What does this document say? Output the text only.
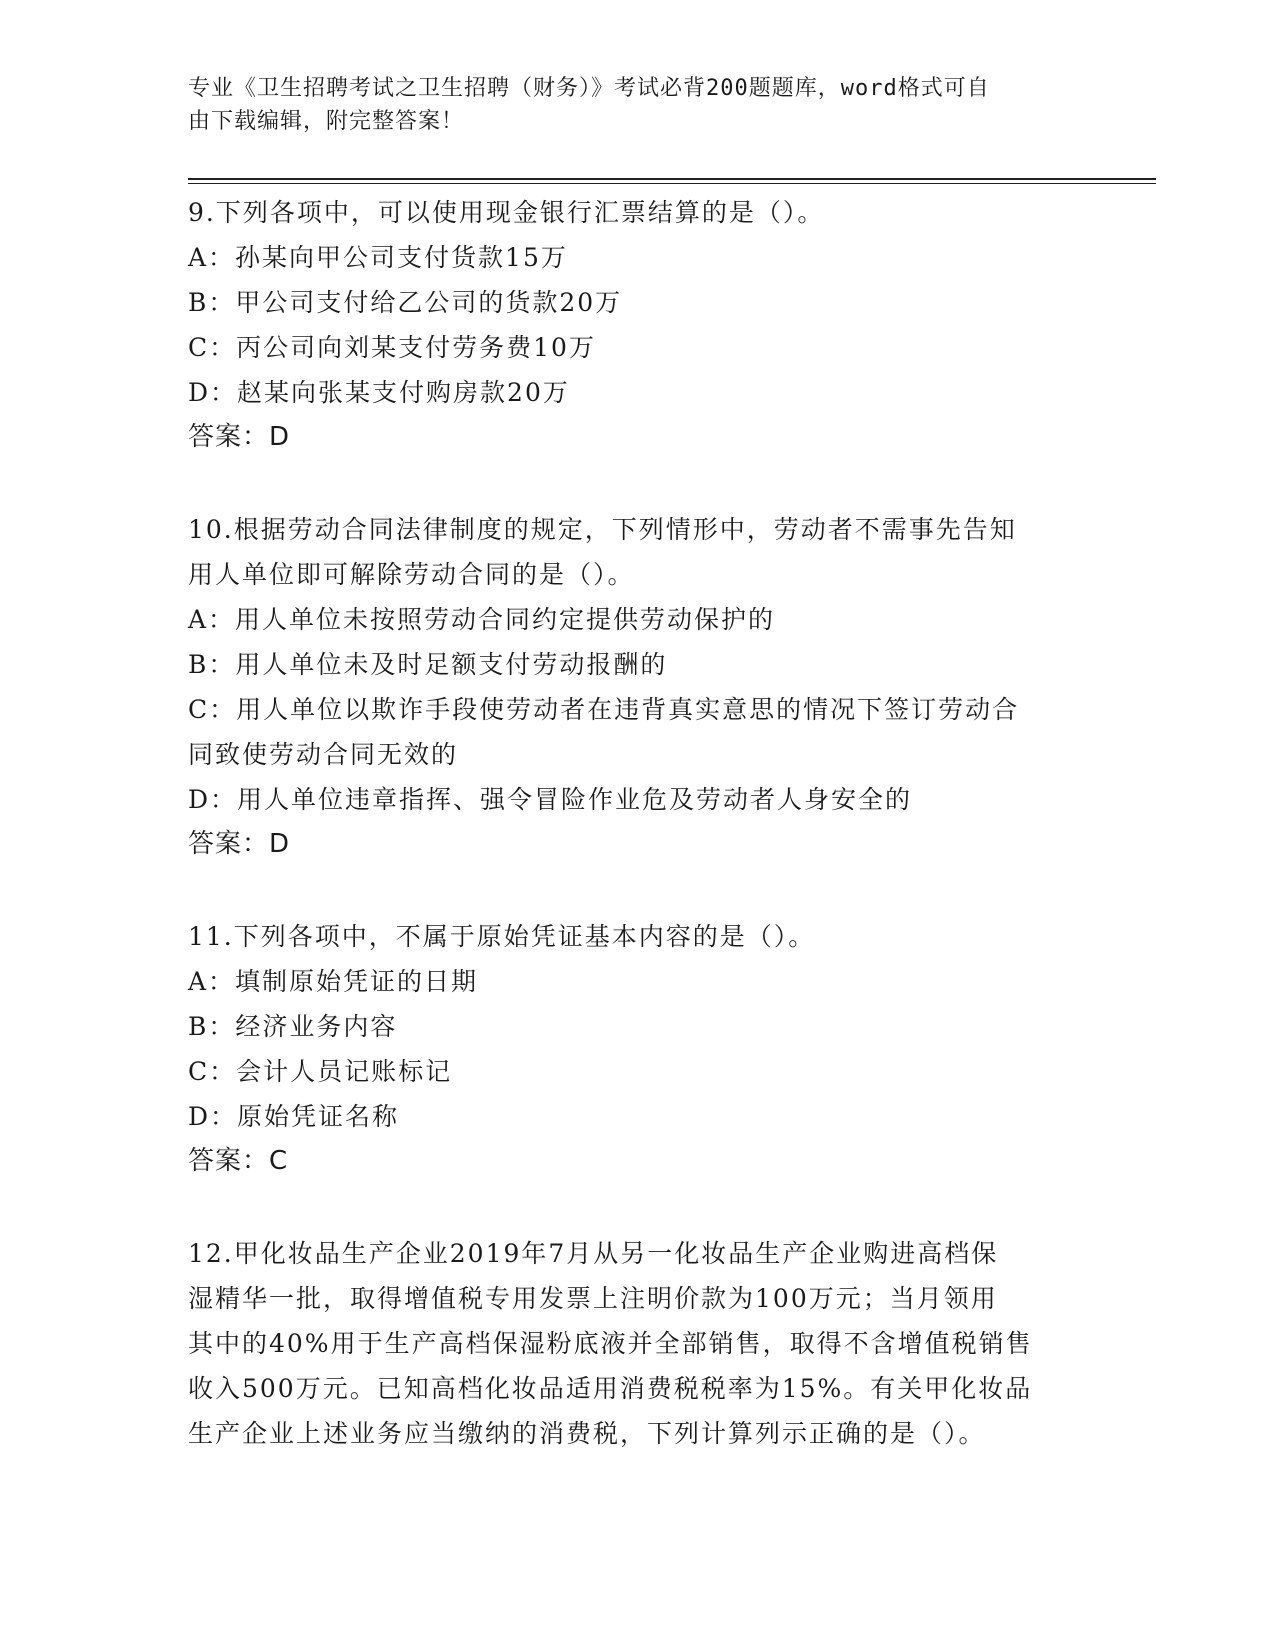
专业《卫生招聘考试之卫生招聘（财务）》考试必背200题题库，word格式可自
由下载编辑，附完整答案！
9.下列各项中，可以使用现金银行汇票结算的是（）。
A：孙某向甲公司支付货款15万
B：甲公司支付给乙公司的货款20万
C：丙公司向刘某支付劳务费10万
D：赵某向张某支付购房款20万
答案：D
10.根据劳动合同法律制度的规定，下列情形中，劳动者不需事先告知
用人单位即可解除劳动合同的是（）。
A：用人单位未按照劳动合同约定提供劳动保护的
B：用人单位未及时足额支付劳动报酬的
C：用人单位以欺诈手段使劳动者在违背真实意思的情况下签订劳动合
同致使劳动合同无效的
D：用人单位违章指挥、强令冒险作业危及劳动者人身安全的
答案：D
11.下列各项中，不属于原始凭证基本内容的是（）。
A：填制原始凭证的日期
B：经济业务内容
C：会计人员记账标记
D：原始凭证名称
答案：C
12.甲化妆品生产企业2019年7月从另一化妆品生产企业购进高档保
湿精华一批，取得增值税专用发票上注明价款为100万元；当月领用
其中的40%用于生产高档保湿粉底液并全部销售，取得不含增值税销售
收入500万元。已知高档化妆品适用消费税税率为15%。有关甲化妆品
生产企业上述业务应当缴纳的消费税，下列计算列示正确的是（）。
